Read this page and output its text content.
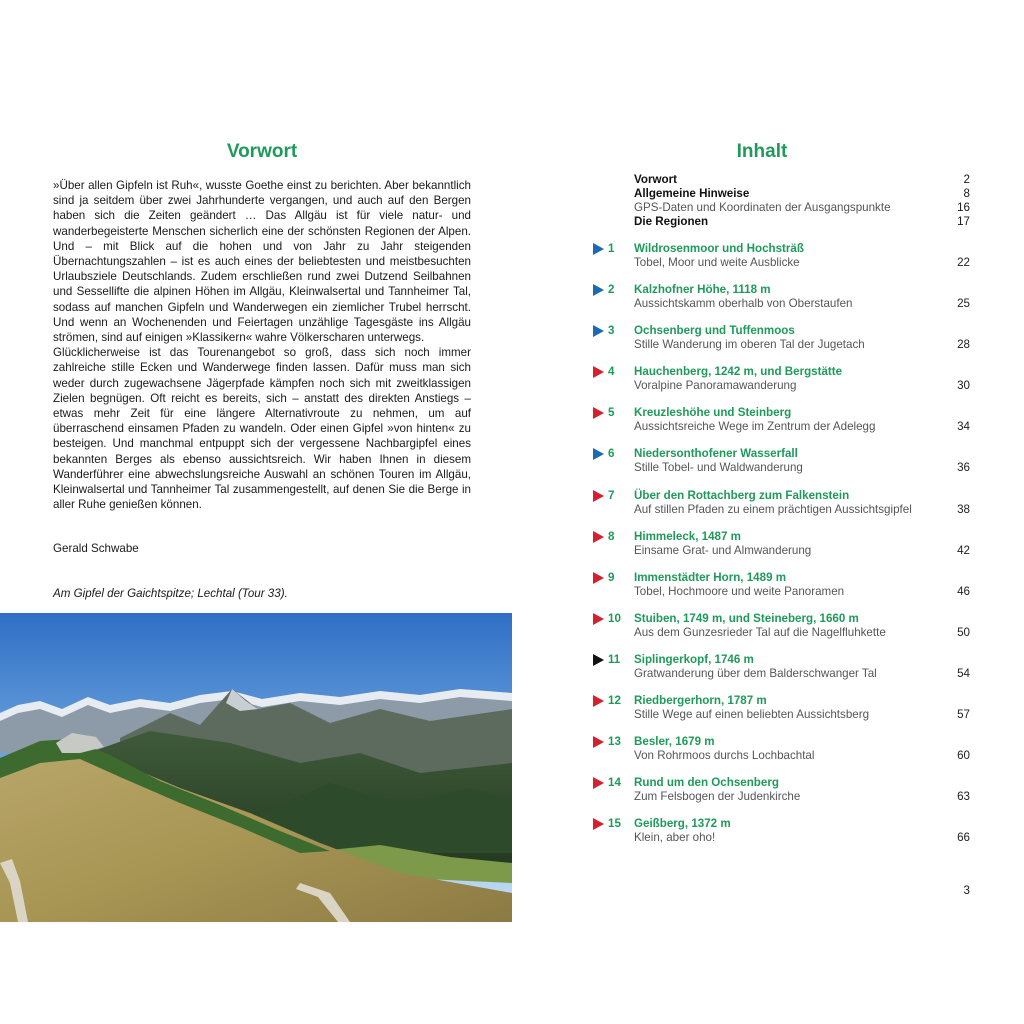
Vorwort

»Über allen Gipfeln ist Ruh«, wusste Goethe einst zu berichten. Aber bekanntlich sind ja seitdem über zwei Jahrhunderte vergangen, und auch auf den Bergen haben sich die Zeiten geändert … Das Allgäu ist für viele natur- und wanderbegeisterte Menschen sicherlich eine der schönsten Regionen der Alpen. Und – mit Blick auf die hohen und von Jahr zu Jahr steigenden Übernachtungszahlen – ist es auch eines der beliebtesten und meistbesuchten Urlaubsziele Deutschlands. Zudem erschließen rund zwei Dutzend Seilbahnen und Sessellifte die alpinen Höhen im Allgäu, Kleinwalsertal und Tannheimer Tal, sodass auf manchen Gipfeln und Wanderwegen ein ziemlicher Trubel herrscht. Und wenn an Wochenenden und Feiertagen unzählige Tagesgäste ins Allgäu strömen, sind auf einigen »Klassikern« wahre Völkerscharen unterwegs.

Glücklicherweise ist das Tourenangebot so groß, dass sich noch immer zahlreiche stille Ecken und Wanderwege finden lassen. Dafür muss man sich weder durch zugewachsene Jägerpfade kämpfen noch sich mit zweitklassigen Zielen begnügen. Oft reicht es bereits, sich – anstatt des direkten Anstiegs – etwas mehr Zeit für eine längere Alternativroute zu nehmen, um auf überraschend einsamen Pfaden zu wandeln. Oder einen Gipfel »von hinten« zu besteigen. Und manchmal entpuppt sich der vergessene Nachbargipfel eines bekannten Berges als ebenso aussichtsreich. Wir haben Ihnen in diesem Wanderführer eine abwechslungsreiche Auswahl an schönen Touren im Allgäu, Kleinwalsertal und Tannheimer Tal zusammengestellt, auf denen Sie die Berge in aller Ruhe genießen können.

Gerald Schwabe

Am Gipfel der Gaichtspitze; Lechtal (Tour 33).

Inhalt
Vorwort	2
Allgemeine Hinweise	8
GPS-Daten und Koordinaten der Ausgangspunkte	16
Die Regionen	17
1	Wildrosenmoor und Hochsträß
Tobel, Moor und weite Ausblicke	22
2	Kalzhofner Höhe, 1118 m
Aussichtskamm oberhalb von Oberstaufen	25
3	Ochsenberg und Tuffenmoos
Stille Wanderung im oberen Tal der Jugetach	28
4	Hauchenberg, 1242 m, und Bergstätte
Voralpine Panoramawanderung	30
5	Kreuzleshöhe und Steinberg
Aussichtsreiche Wege im Zentrum der Adelegg	34
6	Niedersonthofener Wasserfall
Stille Tobel- und Waldwanderung	36
7	Über den Rottachberg zum Falkenstein
Auf stillen Pfaden zu einem prächtigen Aussichtsgipfel	38
8	Himmeleck, 1487 m
Einsame Grat- und Almwanderung	42
9	Immenstädter Horn, 1489 m
Tobel, Hochmoore und weite Panoramen	46
10	Stuiben, 1749 m, und Steineberg, 1660 m
Aus dem Gunzesrieder Tal auf die Nagelfluhkette	50
11	Siplingerkopf, 1746 m
Gratwanderung über dem Balderschwanger Tal	54
12	Riedbergerhorn, 1787 m
Stille Wege auf einen beliebten Aussichtsberg	57
13	Besler, 1679 m
Von Rohrmoos durchs Lochbachtal	60
14	Rund um den Ochsenberg
Zum Felsbogen der Judenkirche	63
15	Geißberg, 1372 m
Klein, aber oho!	66
3
